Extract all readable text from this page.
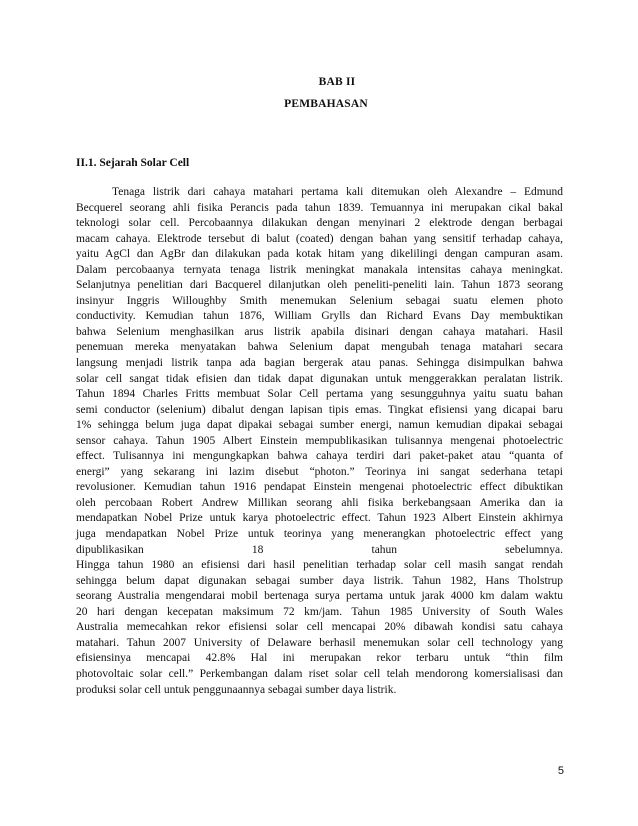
BAB II
PEMBAHASAN
II.1. Sejarah Solar Cell
Tenaga listrik dari cahaya matahari pertama kali ditemukan oleh Alexandre – Edmund
Becquerel seorang ahli fisika Perancis pada tahun 1839. Temuannya ini merupakan cikal bakal
teknologi solar cell. Percobaannya dilakukan dengan menyinari 2 elektrode dengan berbagai
macam cahaya. Elektrode tersebut di balut (coated) dengan bahan yang sensitif terhadap cahaya,
yaitu AgCl dan AgBr dan dilakukan pada kotak hitam yang dikelilingi dengan campuran asam.
Dalam percobaanya ternyata tenaga listrik meningkat manakala intensitas cahaya meningkat.
Selanjutnya penelitian dari Bacquerel dilanjutkan oleh peneliti-peneliti lain. Tahun 1873 seorang
insinyur Inggris Willoughby Smith menemukan Selenium sebagai suatu elemen photo
conductivity. Kemudian tahun 1876, William Grylls dan Richard Evans Day membuktikan
bahwa Selenium menghasilkan arus listrik apabila disinari dengan cahaya matahari. Hasil
penemuan mereka menyatakan bahwa Selenium dapat mengubah tenaga matahari secara
langsung menjadi listrik tanpa ada bagian bergerak atau panas. Sehingga disimpulkan bahwa
solar cell sangat tidak efisien dan tidak dapat digunakan untuk menggerakkan peralatan listrik.
Tahun 1894 Charles Fritts membuat Solar Cell pertama yang sesungguhnya yaitu suatu bahan
semi conductor (selenium) dibalut dengan lapisan tipis emas. Tingkat efisiensi yang dicapai baru
1% sehingga belum juga dapat dipakai sebagai sumber energi, namun kemudian dipakai sebagai
sensor cahaya. Tahun 1905 Albert Einstein mempublikasikan tulisannya mengenai photoelectric
effect. Tulisannya ini mengungkapkan bahwa cahaya terdiri dari paket-paket atau “quanta of
energi” yang sekarang ini lazim disebut “photon.” Teorinya ini sangat sederhana tetapi
revolusioner. Kemudian tahun 1916 pendapat Einstein mengenai photoelectric effect dibuktikan
oleh percobaan Robert Andrew Millikan seorang ahli fisika berkebangsaan Amerika dan ia
mendapatkan Nobel Prize untuk karya photoelectric effect. Tahun 1923 Albert Einstein akhirnya
juga mendapatkan Nobel Prize untuk teorinya yang menerangkan photoelectric effect yang
dipublikasikan 18 tahun sebelumnya.
Hingga tahun 1980 an efisiensi dari hasil penelitian terhadap solar cell masih sangat rendah
sehingga belum dapat digunakan sebagai sumber daya listrik. Tahun 1982, Hans Tholstrup
seorang Australia mengendarai mobil bertenaga surya pertama untuk jarak 4000 km dalam waktu
20 hari dengan kecepatan maksimum 72 km/jam. Tahun 1985 University of South Wales
Australia memecahkan rekor efisiensi solar cell mencapai 20% dibawah kondisi satu cahaya
matahari. Tahun 2007 University of Delaware berhasil menemukan solar cell technology yang
efisiensinya mencapai 42.8% Hal ini merupakan rekor terbaru untuk “thin film
photovoltaic solar cell.” Perkembangan dalam riset solar cell telah mendorong komersialisasi dan
produksi solar cell untuk penggunaannya sebagai sumber daya listrik.
5
